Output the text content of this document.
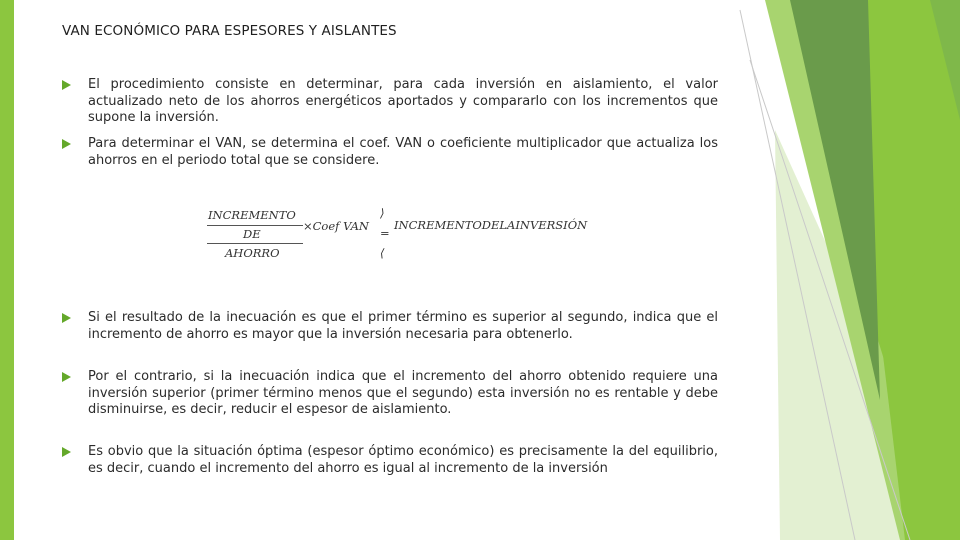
VAN ECONÓMICO PARA ESPESORES Y AISLANTES
El procedimiento consiste en determinar, para cada inversión en aislamiento, el valor actualizado neto de los ahorros energéticos aportados y compararlo con los incrementos que supone la inversión.
Para determinar el VAN, se determina el coef. VAN o coeficiente multiplicador que actualiza los ahorros en el periodo total que se considere.
Si el resultado de la inecuación es que el primer término es superior al segundo, indica que el incremento de ahorro es mayor que la inversión necesaria para obtenerlo.
Por el contrario, si la inecuación indica que el incremento del ahorro obtenido requiere una inversión superior (primer término menos que el segundo) esta inversión no es rentable y debe disminuirse, es decir, reducir el espesor de aislamiento.
Es obvio que la situación óptima (espesor óptimo económico) es precisamente la del equilibrio, es decir, cuando el incremento del ahorro es igual al incremento de la inversión
INCREMENTO
DE
AHORRO
×Coef VAN
⟩
=
⟨
INCREMENTODELAINVERSIÓN
